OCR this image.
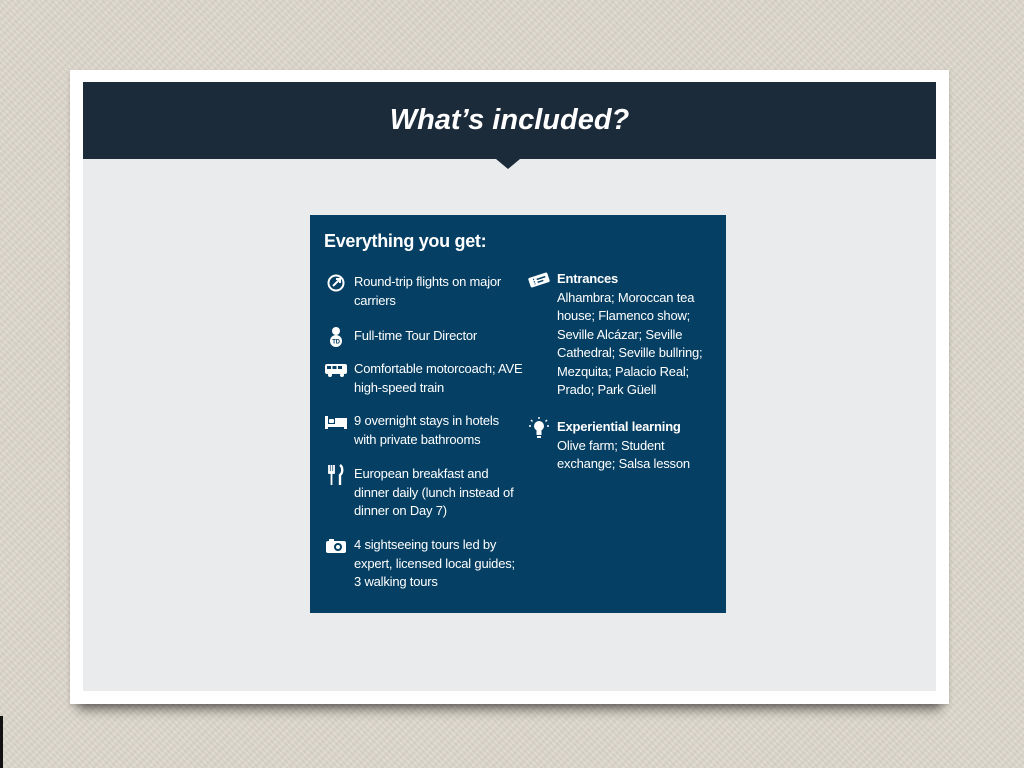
What’s included?
Everything you get:
Round-trip flights on major carriers
TD Full-time Tour Director
Comfortable motorcoach; AVE high-speed train
9 overnight stays in hotels with private bathrooms
European breakfast and dinner daily (lunch instead of dinner on Day 7)
4 sightseeing tours led by expert, licensed local guides; 3 walking tours
Entrances
Alhambra; Moroccan tea house; Flamenco show; Seville Alcázar; Seville Cathedral; Seville bullring; Mezquita; Palacio Real; Prado; Park Güell
Experiential learning
Olive farm; Student exchange; Salsa lesson
